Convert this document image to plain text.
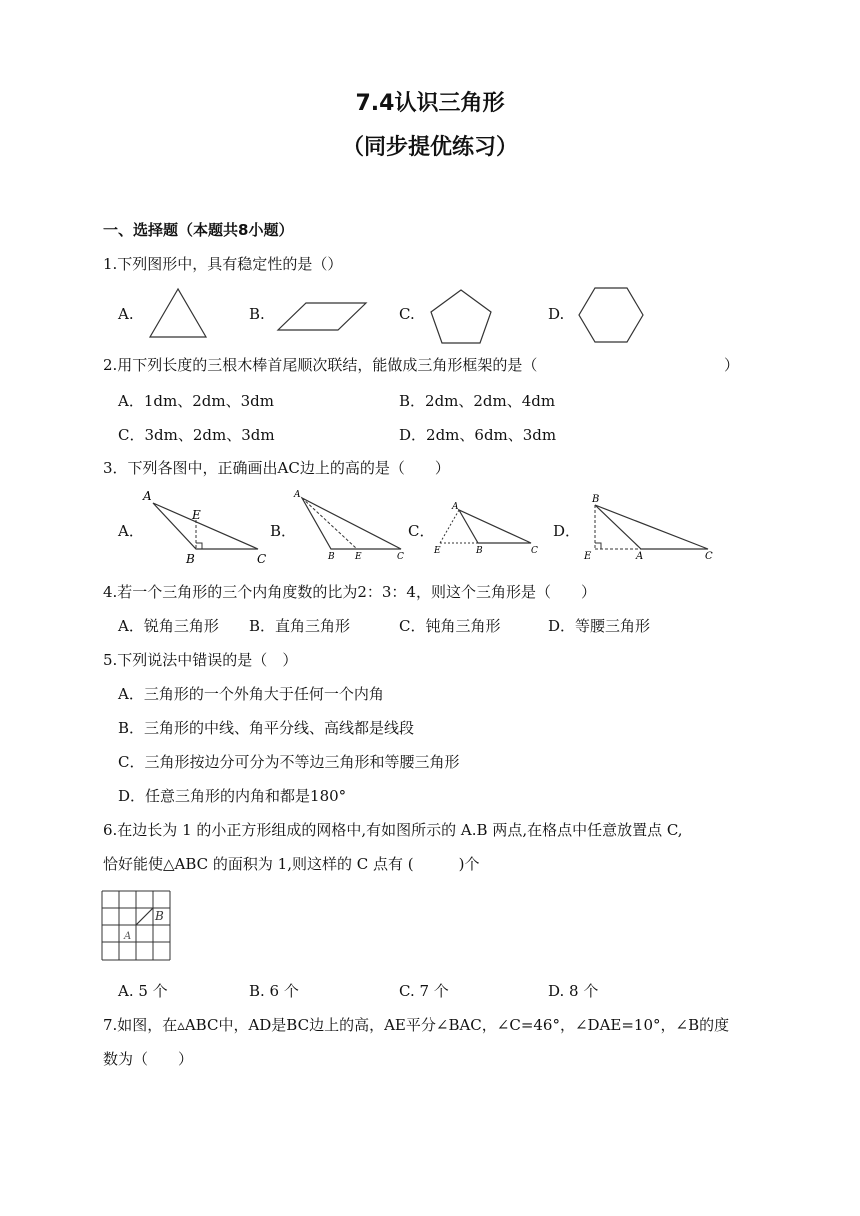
7.4认识三角形
（同步提优练习）
一、选择题（本题共8小题）
1.下列图形中，具有稳定性的是（）
A.	B.	C.	D.
2.用下列长度的三根木棒首尾顺次联结，能做成三角形框架的是（	）
A．1dm、2dm、3dm	B．2dm、2dm、4dm
C．3dm、2dm、3dm	D．2dm、6dm、3dm
3．下列各图中，正确画出AC边上的高的是（　　）
A．	B．	C．	D．
A
E
B	C
A
B E	C
A
E	B	C
B
E	A	C
4.若一个三角形的三个内角度数的比为2：3：4，则这个三角形是（　　）
A．锐角三角形 B．直角三角形	C．钝角三角形	D．等腰三角形
5.下列说法中错误的是（　）
A．三角形的一个外角大于任何一个内角
B．三角形的中线、角平分线、高线都是线段
C．三角形按边分可分为不等边三角形和等腰三角形
D．任意三角形的内角和都是180°
6.在边长为 1 的小正方形组成的网格中,有如图所示的 A.B 两点,在格点中任意放置点 C,
恰好能使△ABC 的面积为 1,则这样的 C 点有 (　　　)个
A
B
A. 5 个	B. 6 个	C. 7 个	D. 8 个
7.如图，在▵ABC中，AD是BC边上的高，AE平分∠BAC，∠C=46°，∠DAE=10°，∠B的度
数为（　　）
